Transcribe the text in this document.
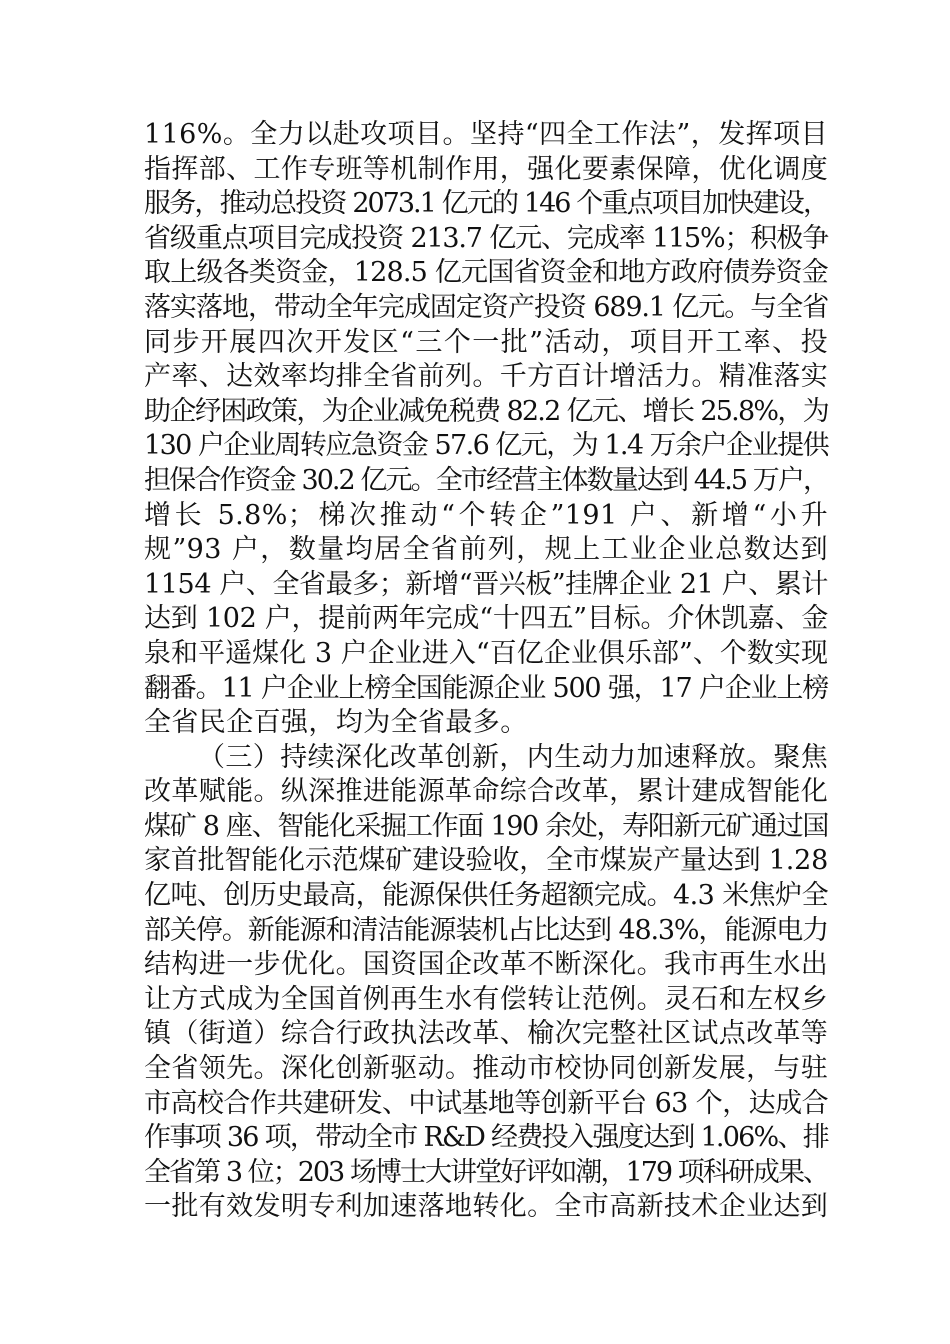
116%。全力以赴攻项目。坚持“四全工作法”，发挥项目
指挥部、工作专班等机制作用，强化要素保障，优化调度
服务，推动总投资 2073.1 亿元的 146 个重点项目加快建设，
省级重点项目完成投资 213.7 亿元、完成率 115%；积极争
取上级各类资金，128.5 亿元国省资金和地方政府债券资金
落实落地，带动全年完成固定资产投资 689.1 亿元。与全省
同步开展四次开发区“三个一批”活动，项目开工率、投
产率、达效率均排全省前列。千方百计增活力。精准落实
助企纾困政策，为企业减免税费 82.2 亿元、增长 25.8%，为
130 户企业周转应急资金 57.6 亿元，为 1.4 万余户企业提供
担保合作资金 30.2 亿元。全市经营主体数量达到 44.5 万户，
增长 5.8%；梯次推动“个转企”191 户、新增“小升
规”93 户，数量均居全省前列，规上工业企业总数达到
1154 户、全省最多；新增“晋兴板”挂牌企业 21 户、累计
达到 102 户，提前两年完成“十四五”目标。介休凯嘉、金
泉和平遥煤化 3 户企业进入“百亿企业俱乐部”、个数实现
翻番。11 户企业上榜全国能源企业 500 强，17 户企业上榜
全省民企百强，均为全省最多。
（三）持续深化改革创新，内生动力加速释放。聚焦
改革赋能。纵深推进能源革命综合改革，累计建成智能化
煤矿 8 座、智能化采掘工作面 190 余处，寿阳新元矿通过国
家首批智能化示范煤矿建设验收，全市煤炭产量达到 1.28
亿吨、创历史最高，能源保供任务超额完成。4.3 米焦炉全
部关停。新能源和清洁能源装机占比达到 48.3%，能源电力
结构进一步优化。国资国企改革不断深化。我市再生水出
让方式成为全国首例再生水有偿转让范例。灵石和左权乡
镇（街道）综合行政执法改革、榆次完整社区试点改革等
全省领先。深化创新驱动。推动市校协同创新发展，与驻
市高校合作共建研发、中试基地等创新平台 63 个，达成合
作事项 36 项，带动全市 R&D 经费投入强度达到 1.06%、排
全省第 3 位；203 场博士大讲堂好评如潮，179 项科研成果、
一批有效发明专利加速落地转化。全市高新技术企业达到
